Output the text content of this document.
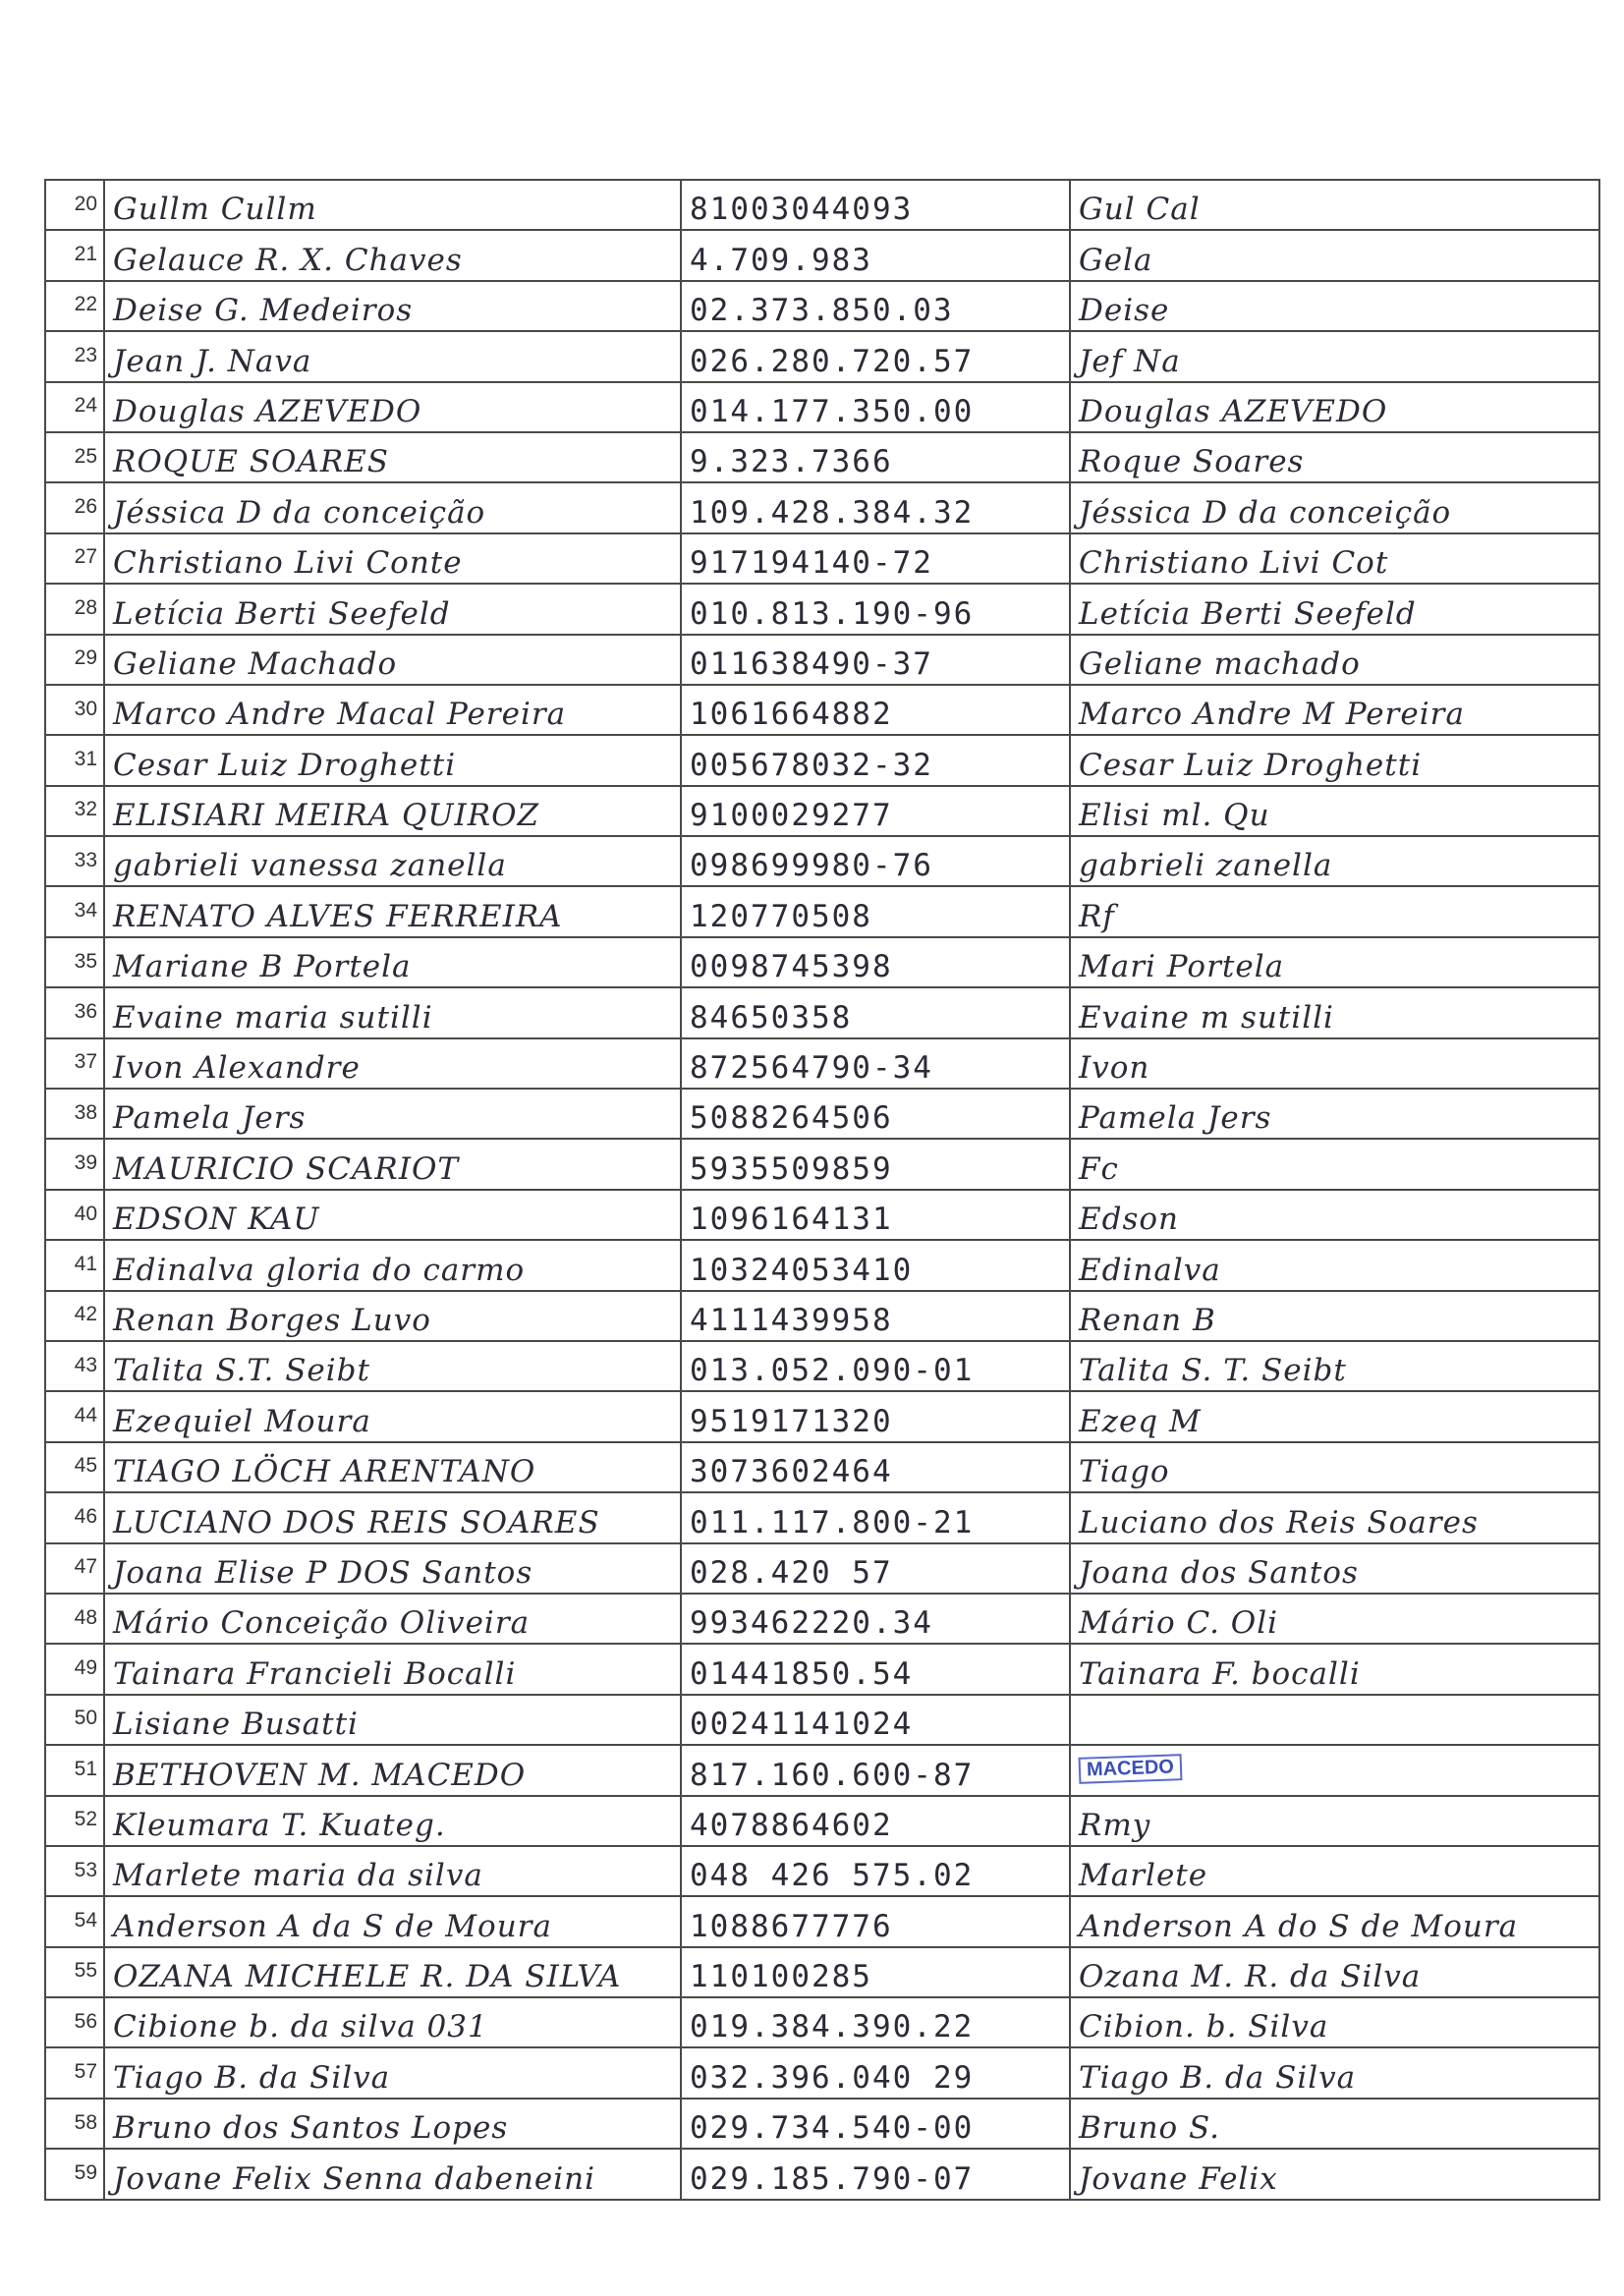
20 Gullm Cullm	81003044093	Gul Cal
21 Gelauce R. X. Chaves	4.709.983	Gela
22 Deise G. Medeiros	02.373.850.03	Deise
23 Jean J. Nava	026.280.720.57	Jef Na
24 Douglas AZEVEDO	014.177.350.00	Douglas AZEVEDO
25 ROQUE SOARES	9.323.7366	Roque Soares
26 Jéssica D da conceição	109.428.384.32	Jéssica D da conceição
27 Christiano Livi Conte	917194140-72	Christiano Livi Cot
28 Letícia Berti Seefeld	010.813.190-96	Letícia Berti Seefeld
29 Geliane Machado	011638490-37	Geliane machado
30 Marco Andre Macal Pereira	1061664882	Marco Andre M Pereira
31 Cesar Luiz Droghetti	005678032-32	Cesar Luiz Droghetti
32 ELISIARI MEIRA QUIROZ	9100029277	Elisi ml. Qu
33 gabrieli vanessa zanella	098699980-76	gabrieli zanella
34 RENATO ALVES FERREIRA	120770508	Rf
35 Mariane B Portela	0098745398	Mari Portela
36 Evaine maria sutilli	84650358	Evaine m sutilli
37 Ivon Alexandre	872564790-34	Ivon
38 Pamela Jers	5088264506	Pamela Jers
39 MAURICIO SCARIOT	5935509859	Fc
40 EDSON KAU	1096164131	Edson
41 Edinalva gloria do carmo	10324053410	Edinalva
42 Renan Borges Luvo	4111439958	Renan B
43 Talita S.T. Seibt	013.052.090-01	Talita S. T. Seibt
44 Ezequiel Moura	9519171320	Ezeq M
45 TIAGO LÖCH ARENTANO	3073602464	Tiago
46 LUCIANO DOS REIS SOARES	011.117.800-21	Luciano dos Reis Soares
47 Joana Elise P DOS Santos	028.420 57	Joana dos Santos
48 Mário Conceição Oliveira	993462220.34	Mário C. Oli
49 Tainara Francieli Bocalli	01441850.54	Tainara F. bocalli
50 Lisiane Busatti	00241141024
51 BETHOVEN M. MACEDO	817.160.600-87	MACEDO
52 Kleumara T. Kuateg.	4078864602	Rmy
53 Marlete maria da silva	048 426 575.02	Marlete
54 Anderson A da S de Moura	1088677776	Anderson A do S de Moura
55 OZANA MICHELE R. DA SILVA	110100285	Ozana M. R. da Silva
56 Cibione b. da silva 031	019.384.390.22	Cibion. b. Silva
57 Tiago B. da Silva	032.396.040 29	Tiago B. da Silva
58 Bruno dos Santos Lopes	029.734.540-00	Bruno S.
59 Jovane Felix Senna dabeneini	029.185.790-07	Jovane Felix
